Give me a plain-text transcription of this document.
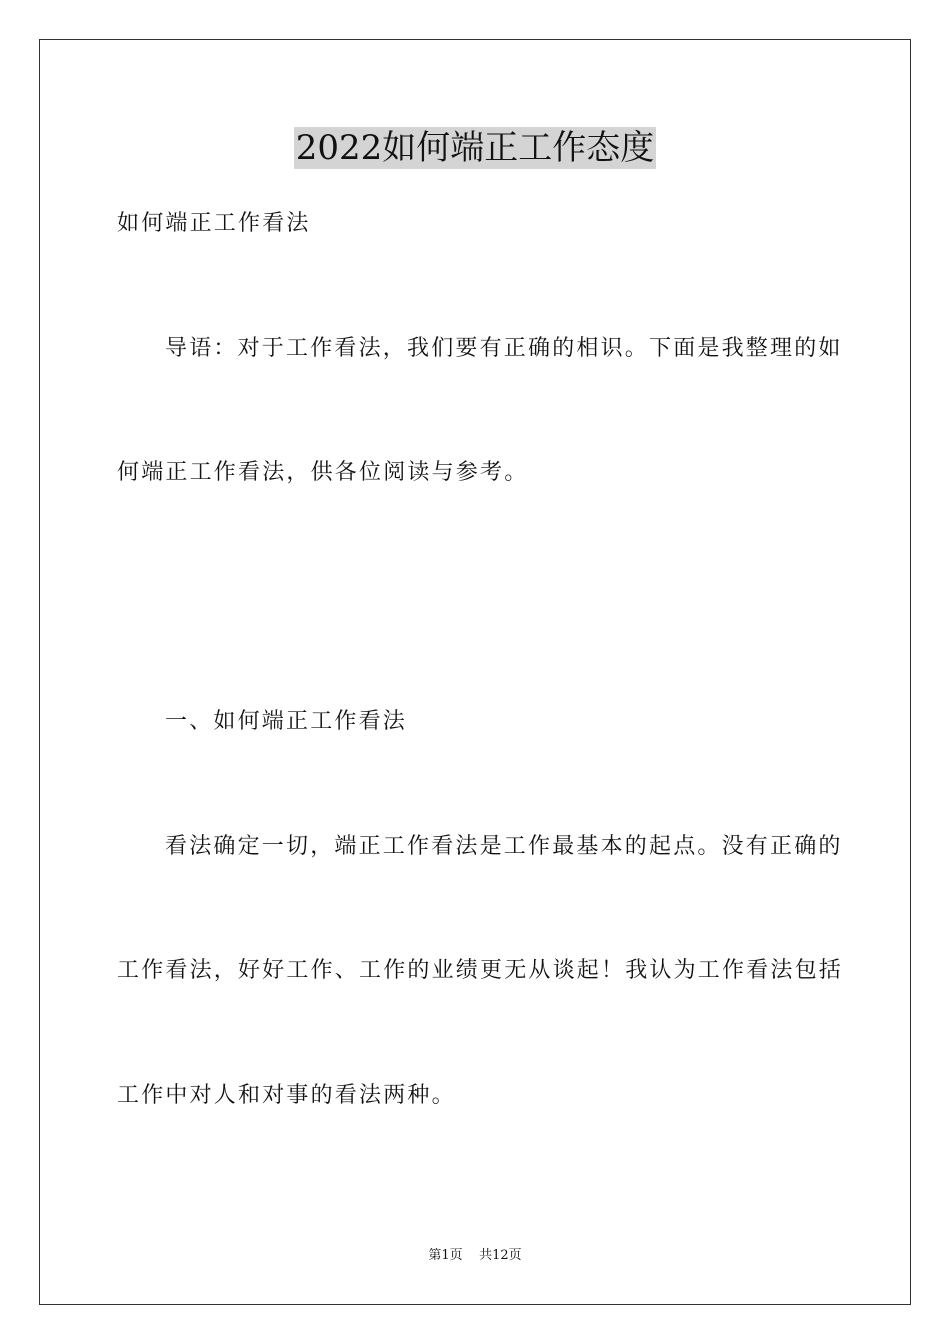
2022如何端正工作态度
如何端正工作看法
导语：对于工作看法，我们要有正确的相识。下面是我整理的如
何端正工作看法，供各位阅读与参考。
一、如何端正工作看法
看法确定一切，端正工作看法是工作最基本的起点。没有正确的
工作看法，好好工作、工作的业绩更无从谈起！我认为工作看法包括
工作中对人和对事的看法两种。
第1页 共12页
